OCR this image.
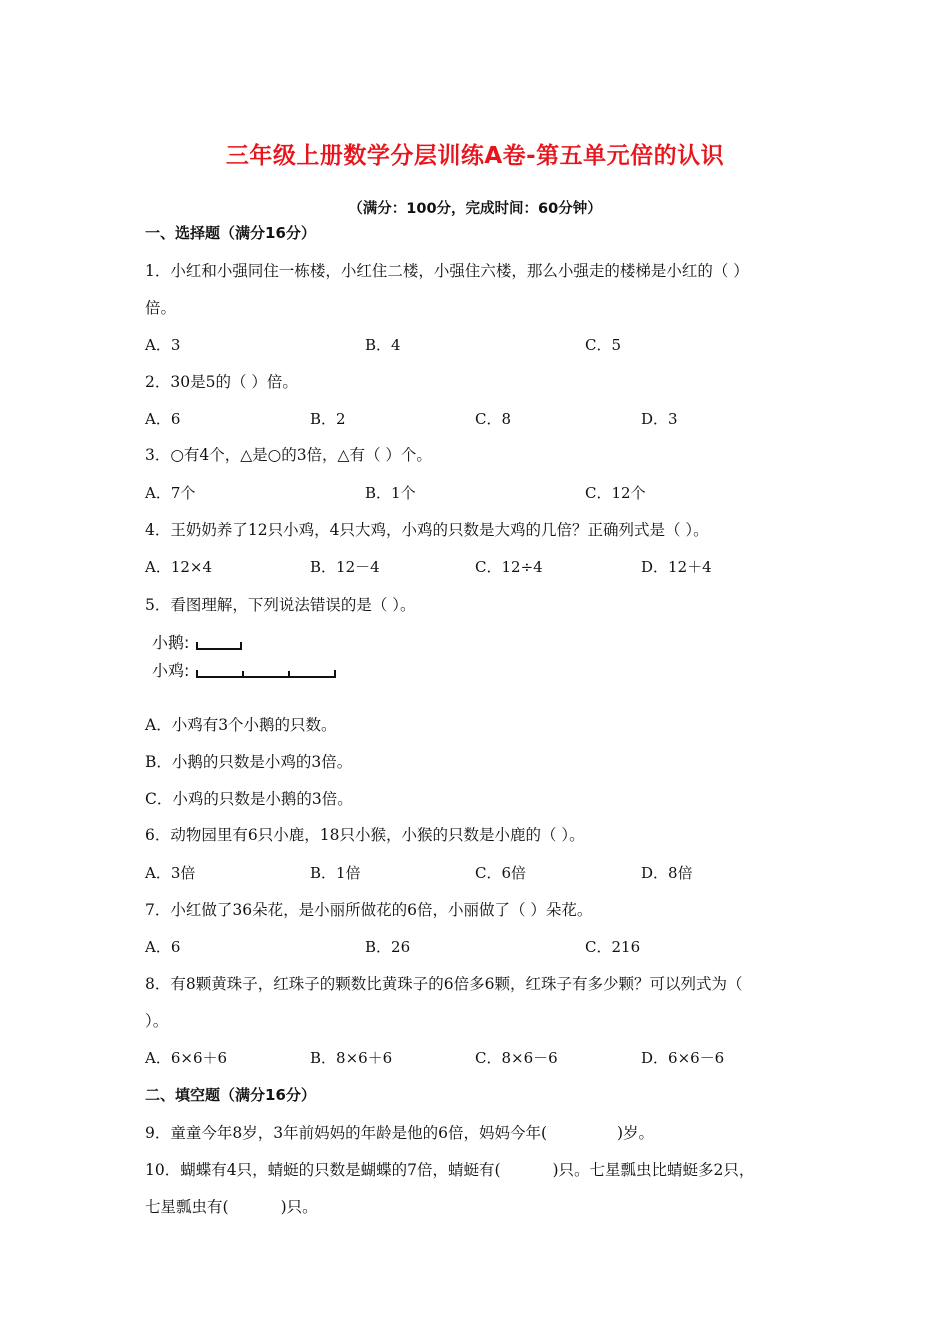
三年级上册数学分层训练A卷-第五单元倍的认识
（满分：100分，完成时间：60分钟）
一、选择题（满分16分）
1．小红和小强同住一栋楼，小红住二楼，小强住六楼，那么小强走的楼梯是小红的（ ）
倍。
A．3	B．4	C．5
2．30是5的（ ）倍。
A．6	B．2	C．8	D．3
3．○有4个，△是○的3倍，△有（ ）个。
A．7个	B．1个	C．12个
4．王奶奶养了12只小鸡，4只大鸡，小鸡的只数是大鸡的几倍？正确列式是（ ）。
A．12×4	B．12－4	C．12÷4	D．12＋4
5．看图理解，下列说法错误的是（ ）。
小鹅:
小鸡:
A．小鸡有3个小鹅的只数。
B．小鹅的只数是小鸡的3倍。
C．小鸡的只数是小鹅的3倍。
6．动物园里有6只小鹿，18只小猴，小猴的只数是小鹿的（ ）。
A．3倍	B．1倍	C．6倍	D．8倍
7．小红做了36朵花，是小丽所做花的6倍，小丽做了（ ）朵花。
A．6	B．26	C．216
8．有8颗黄珠子，红珠子的颗数比黄珠子的6倍多6颗，红珠子有多少颗？可以列式为（
）。
A．6×6＋6	B．8×6＋6	C．8×6－6	D．6×6－6
二、填空题（满分16分）
9．童童今年8岁，3年前妈妈的年龄是他的6倍，妈妈今年(	)岁。
10．蝴蝶有4只，蜻蜓的只数是蝴蝶的7倍，蜻蜓有(	)只。七星瓢虫比蜻蜓多2只，
七星瓢虫有(	)只。
